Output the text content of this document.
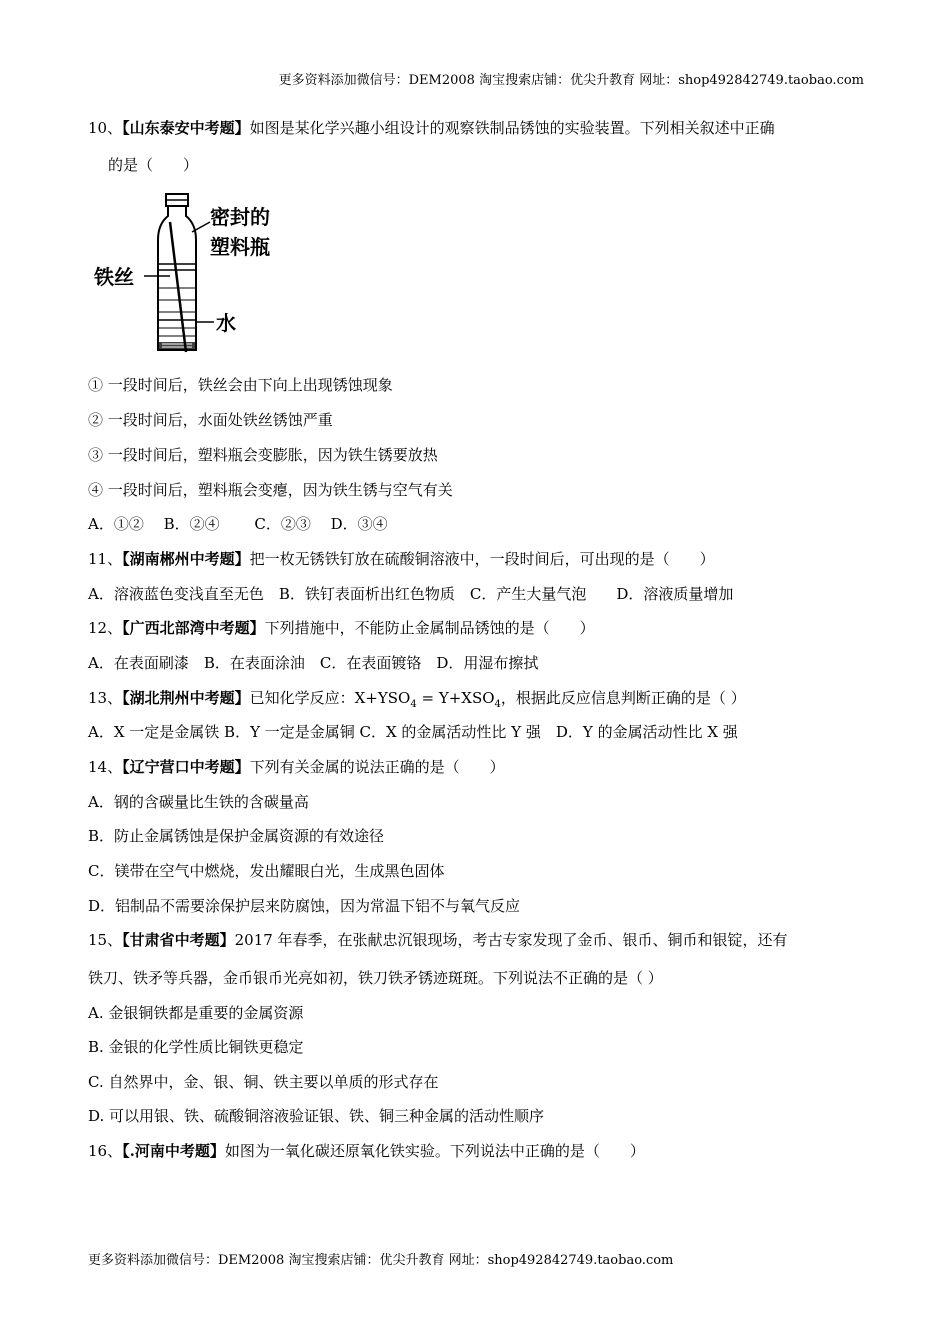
更多资料添加微信号：DEM2008 淘宝搜索店铺：优尖升教育 网址：shop492842749.taobao.com
10、【山东泰安中考题】如图是某化学兴趣小组设计的观察铁制品锈蚀的实验装置。下列相关叙述中正确
的是（　　）
密封的
塑料瓶
铁丝
水
① 一段时间后，铁丝会由下向上出现锈蚀现象
② 一段时间后，水面处铁丝锈蚀严重
③ 一段时间后，塑料瓶会变膨胀，因为铁生锈要放热
④ 一段时间后，塑料瓶会变瘪，因为铁生锈与空气有关
A．①②　 B．②④　　 C．②③　 D．③④
11、【湖南郴州中考题】把一枚无锈铁钉放在硫酸铜溶液中，一段时间后，可出现的是（　　）
A．溶液蓝色变浅直至无色　B．铁钉表面析出红色物质　C．产生大量气泡　　D．溶液质量增加
12、【广西北部湾中考题】下列措施中，不能防止金属制品锈蚀的是（　　）
A．在表面刷漆　B．在表面涂油　C．在表面镀铬　D．用湿布擦拭
13、【湖北荆州中考题】已知化学反应：$X+YSO_4 = Y+XSO_4$，根据此反应信息判断正确的是（ ）
A．X 一定是金属铁 B．Y 一定是金属铜 C．X 的金属活动性比 Y 强　D．Y 的金属活动性比 X 强
14、【辽宁营口中考题】下列有关金属的说法正确的是（　　）
A．钢的含碳量比生铁的含碳量高
B．防止金属锈蚀是保护金属资源的有效途径
C．镁带在空气中燃烧，发出耀眼白光，生成黑色固体
D．铝制品不需要涂保护层来防腐蚀，因为常温下铝不与氧气反应
15、【甘肃省中考题】2017 年春季，在张献忠沉银现场，考古专家发现了金币、银币、铜币和银锭，还有
铁刀、铁矛等兵器，金币银币光亮如初，铁刀铁矛锈迹斑斑。下列说法不正确的是（ ）
A. 金银铜铁都是重要的金属资源
B. 金银的化学性质比铜铁更稳定
C. 自然界中，金、银、铜、铁主要以单质的形式存在
D. 可以用银、铁、硫酸铜溶液验证银、铁、铜三种金属的活动性顺序
16、【.河南中考题】如图为一氧化碳还原氧化铁实验。下列说法中正确的是（　　）
更多资料添加微信号：DEM2008 淘宝搜索店铺：优尖升教育 网址：shop492842749.taobao.com
